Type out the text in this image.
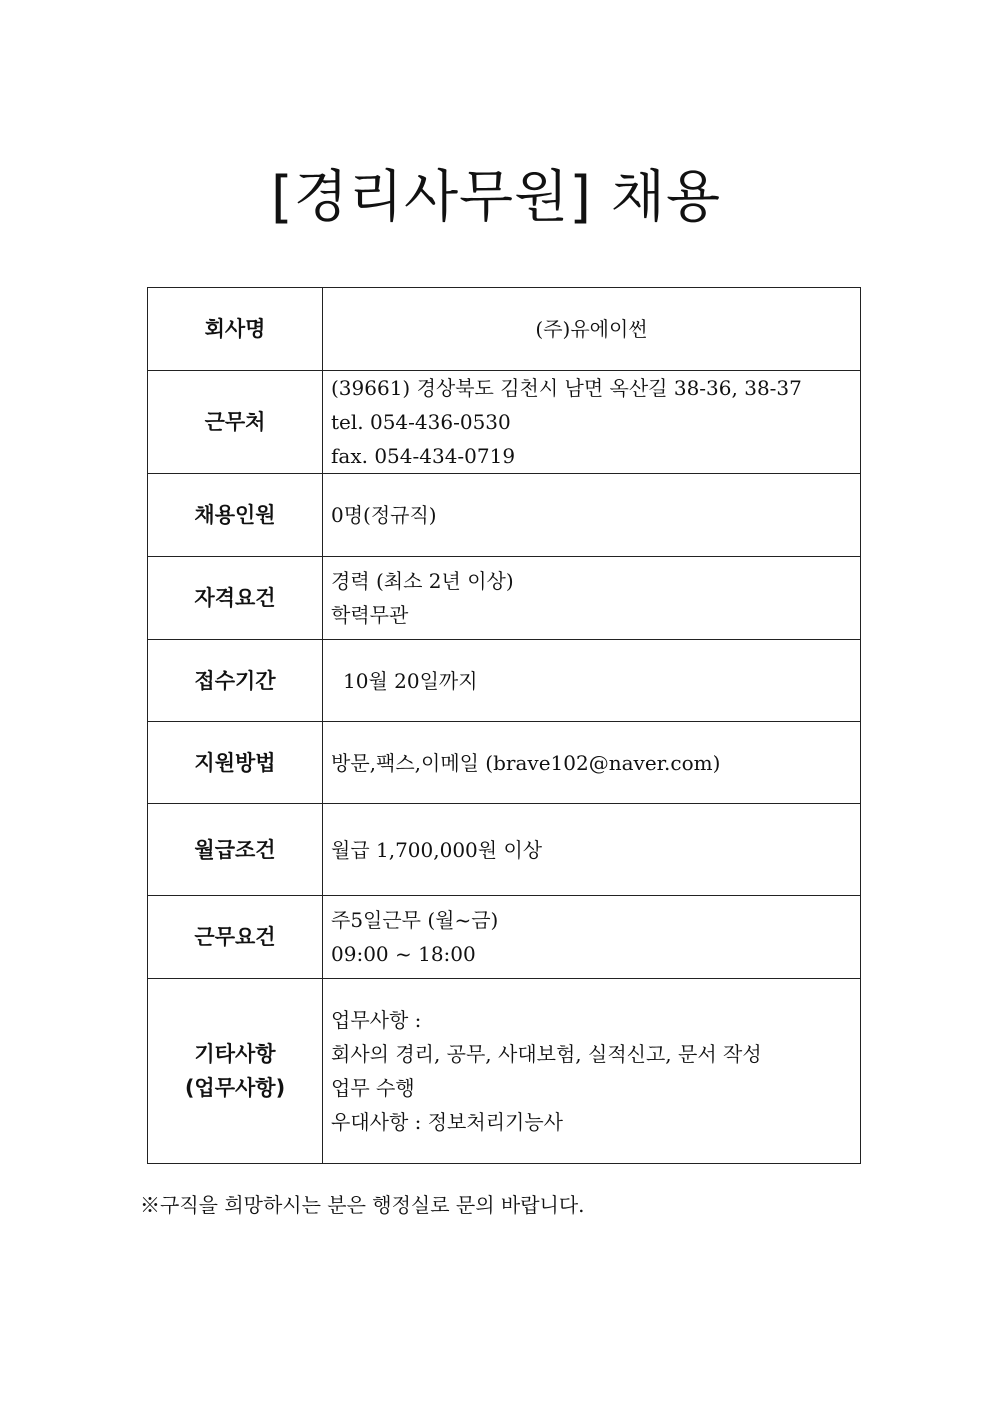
[경리사무원] 채용
회사명	(주)유에이썬

근무처	(39661) 경상북도 김천시 남면 옥산길 38-36, 38-37
tel. 054-436-0530
fax. 054-434-0719

채용인원	0명(정규직)

자격요건	경력 (최소 2년 이상)
학력무관

접수기간	10월 20일까지

지원방법	방문,팩스,이메일 (brave102@naver.com)

월급조건	월급 1,700,000원 이상

근무요건	주5일근무 (월~금)
09:00 ~ 18:00

기타사항
(업무사항)	업무사항 :
회사의 경리, 공무, 사대보험, 실적신고, 문서 작성
업무 수행
우대사항 : 정보처리기능사
※구직을 희망하시는 분은 행정실로 문의 바랍니다.
